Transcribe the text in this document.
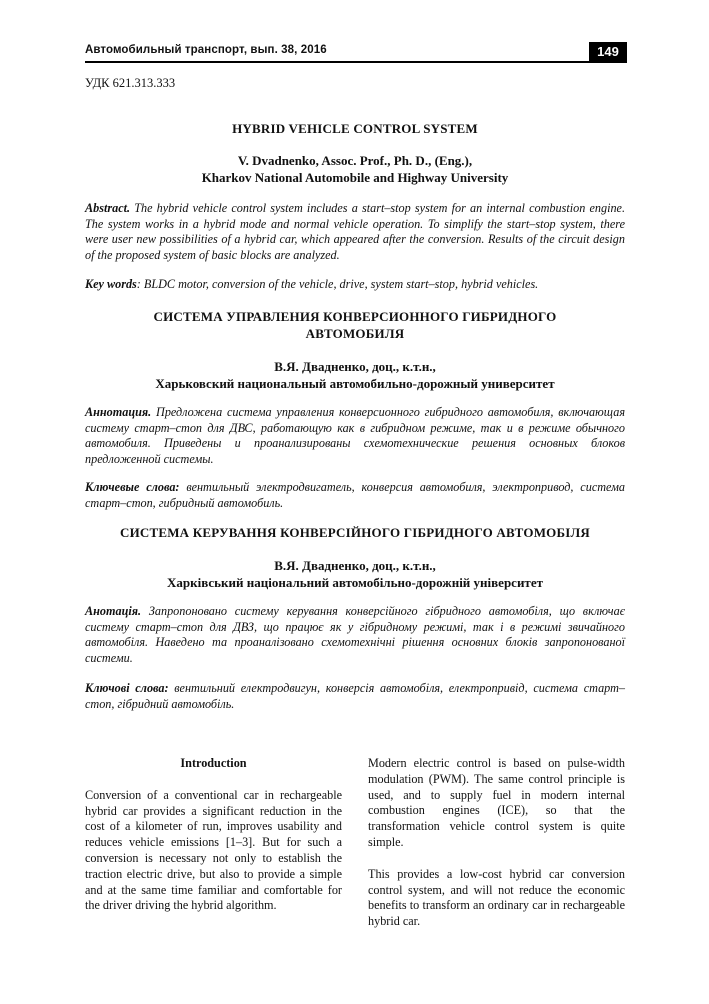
Автомобильный транспорт, вып. 38, 2016	149
УДК 621.313.333
HYBRID VEHICLE CONTROL SYSTEM
V. Dvadnenko, Assoc. Prof., Ph. D., (Eng.),
Kharkov National Automobile and Highway University
Abstract. The hybrid vehicle control system includes a start–stop system for an internal combustion engine. The system works in a hybrid mode and normal vehicle operation. To simplify the start–stop system, there were user new possibilities of a hybrid car, which appeared after the conversion. Results of the circuit design of the proposed system of basic blocks are analyzed.
Key words: BLDC motor, conversion of the vehicle, drive, system start–stop, hybrid vehicles.
СИСТЕМА УПРАВЛЕНИЯ КОНВЕРСИОННОГО ГИБРИДНОГО
АВТОМОБИЛЯ
В.Я. Двадненко, доц., к.т.н.,
Харьковский национальный автомобильно-дорожный университет
Аннотация. Предложена система управления конверсионного гибридного автомобиля, включающая систему старт–стоп для ДВС, работающую как в гибридном режиме, так и в режиме обычного автомобиля. Приведены и проанализированы схемотехнические решения основных блоков предложенной системы.
Ключевые слова: вентильный электродвигатель, конверсия автомобиля, электропривод, система старт–стоп, гибридный автомобиль.
СИСТЕМА КЕРУВАННЯ КОНВЕРСІЙНОГО ГІБРИДНОГО АВТОМОБІЛЯ
В.Я. Двадненко, доц., к.т.н.,
Харківський національний автомобільно-дорожній університет
Анотація. Запропоновано систему керування конверсійного гібридного автомобіля, що включає систему старт–стоп для ДВЗ, що працює як у гібридному режимі, так і в режимі звичайного автомобіля. Наведено та проаналізовано схемотехнічні рішення основних блоків запропонованої системи.
Ключові слова: вентильний електродвигун, конверсія автомобіля, електропривід, система старт–стоп, гібридний автомобіль.

Introduction

Conversion of a conventional car in rechargeable hybrid car provides a significant reduction in the cost of a kilometer of run, improves usability and reduces vehicle emissions [1–3]. But for such a conversion is necessary not only to establish the traction electric drive, but also to provide a simple and at the same time familiar and comfortable for the driver driving the hybrid algorithm.

Modern electric control is based on pulse-width modulation (PWM). The same control principle is used, and to supply fuel in modern internal combustion engines (ICE), so that the transformation vehicle control system is quite simple.

This provides a low-cost hybrid car conversion control system, and will not reduce the economic benefits to transform an ordinary car in rechargeable hybrid car.
